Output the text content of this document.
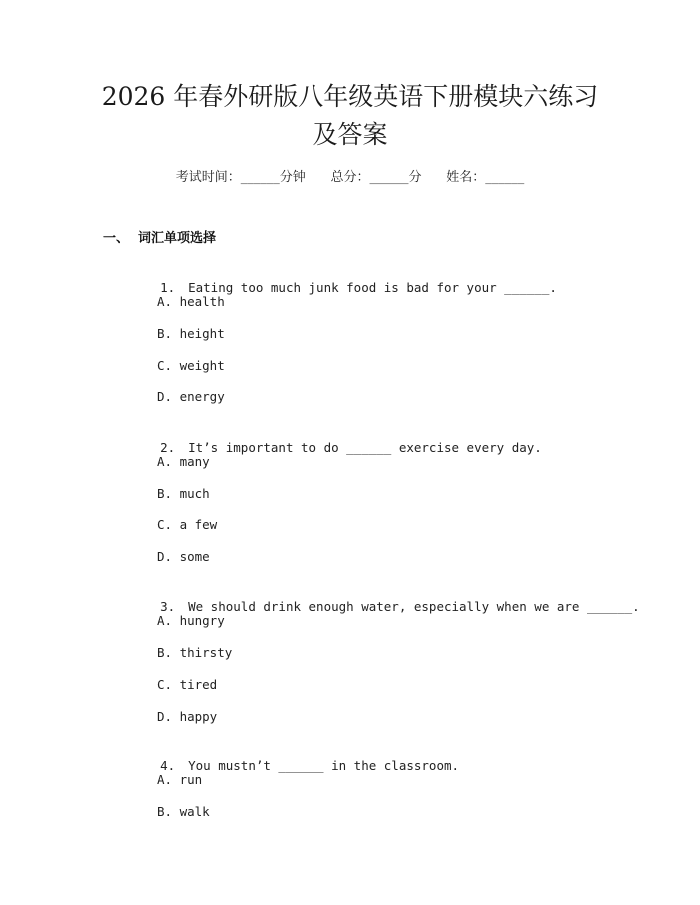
2026 年春外研版八年级英语下册模块六练习
及答案
考试时间：______分钟      总分：______分      姓名：______
一、  词汇单项选择

1. Eating too much junk food is bad for your ______.

A. health
B. height
C. weight
D. energy

2. It’s important to do ______ exercise every day.

A. many
B. much
C. a few
D. some

3. We should drink enough water, especially when we are ______.

A. hungry
B. thirsty
C. tired
D. happy

4. You mustn’t ______ in the classroom.

A. run
B. walk
